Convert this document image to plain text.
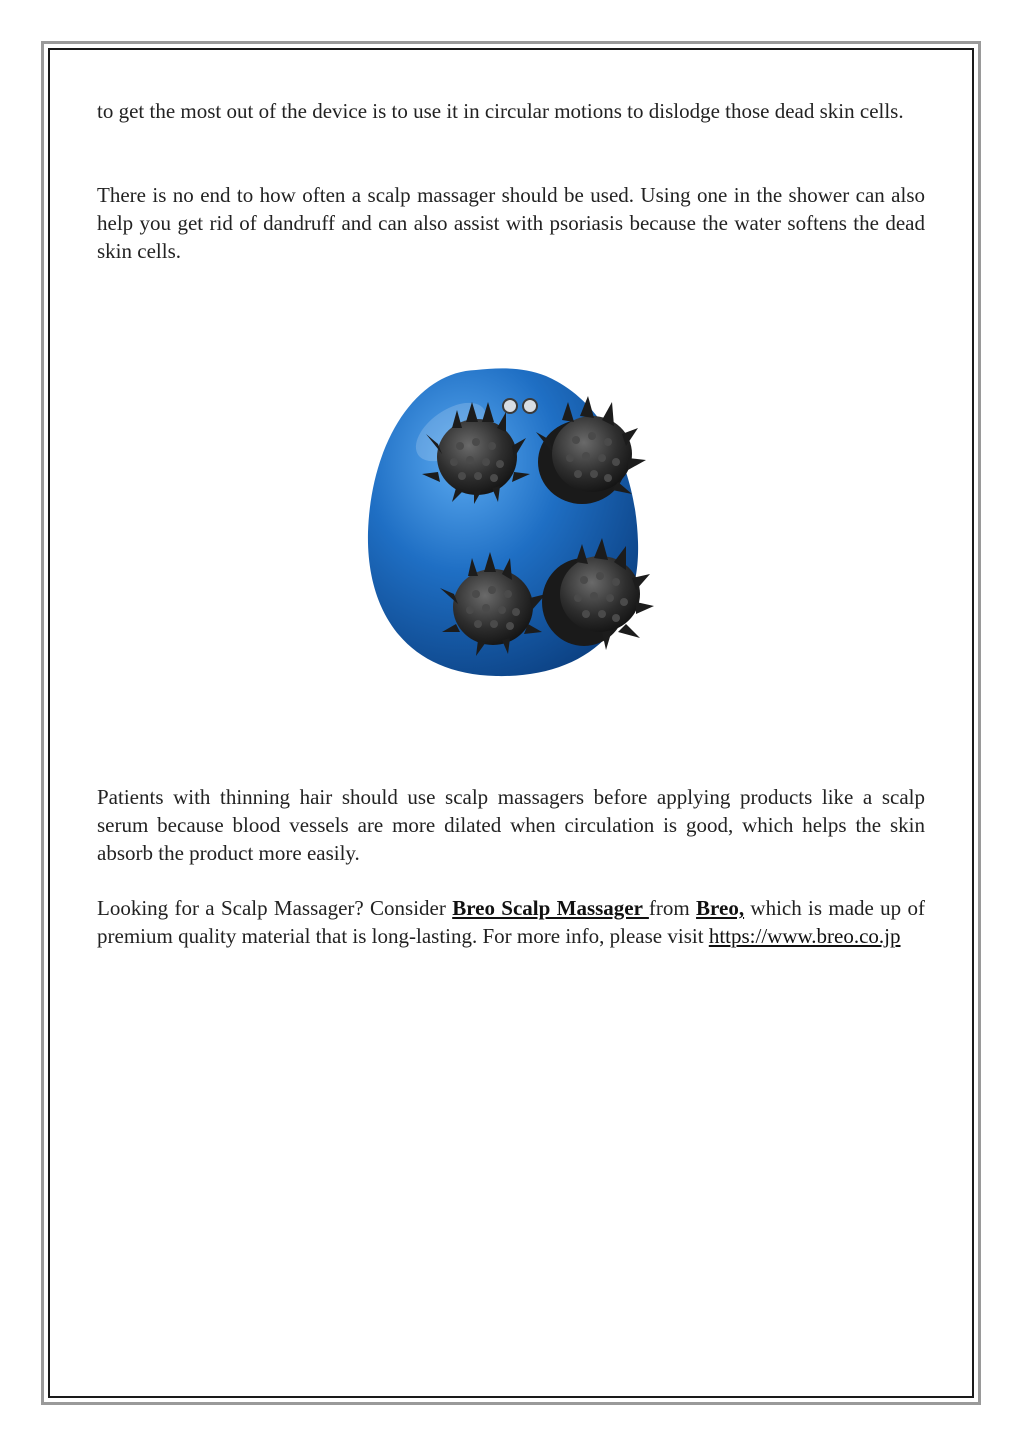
to get the most out of the device is to use it in circular motions to dislodge those dead skin cells.

There is no end to how often a scalp massager should be used. Using one in the shower can also help you get rid of dandruff and can also assist with psoriasis because the water softens the dead skin cells.

Patients with thinning hair should use scalp massagers before applying products like a scalp serum because blood vessels are more dilated when circulation is good, which helps the skin absorb the product more easily.

Looking for a Scalp Massager? Consider Breo Scalp Massager from Breo, which is made up of premium quality material that is long-lasting. For more info, please visit https://www.breo.co.jp
